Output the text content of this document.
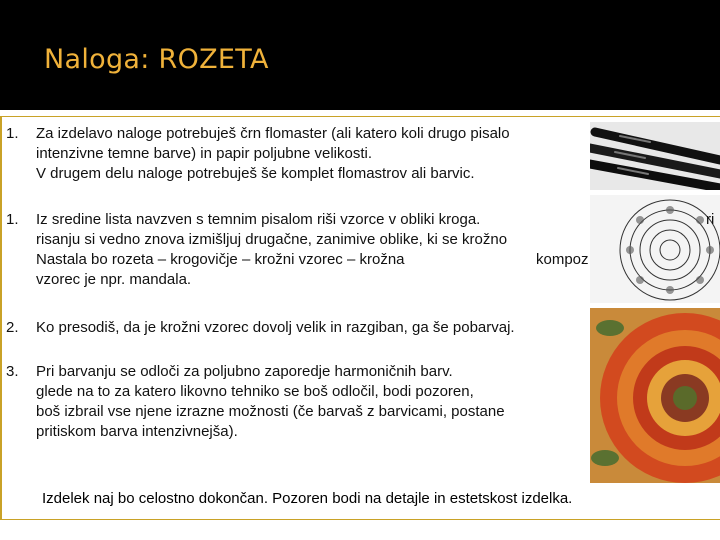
Naloga: ROZETA
1. Za izdelavo naloge potrebuješ črn flomaster (ali katero koli drugo pisalo
intenzivne temne barve) in papir poljubne velikosti.
V drugem delu naloge potrebuješ še komplet flomastrov ali barvic.
1. Iz sredine lista navzven s temnim pisalom riši vzorce v obliki kroga.
risanju si vedno znova izmišljuj drugačne, zanimive oblike, ki se krožno
Nastala bo rozeta – krogovičje – krožni vzorec – krožna
vzorec je npr. mandala.
kompoz
ri
2. Ko presodiš, da je krožni vzorec dovolj velik in razgiban, ga še pobarvaj.
3. Pri barvanju se odloči za poljubno zaporedje harmoničnih barv.
glede na to za katero likovno tehniko se boš odločil, bodi pozoren,
boš izbrail vse njene izrazne možnosti (če barvaš z barvicami, postane
pritiskom barva intenzivnejša).
Izdelek naj bo celostno dokončan. Pozoren bodi na detajle in estetskost izdelka.
